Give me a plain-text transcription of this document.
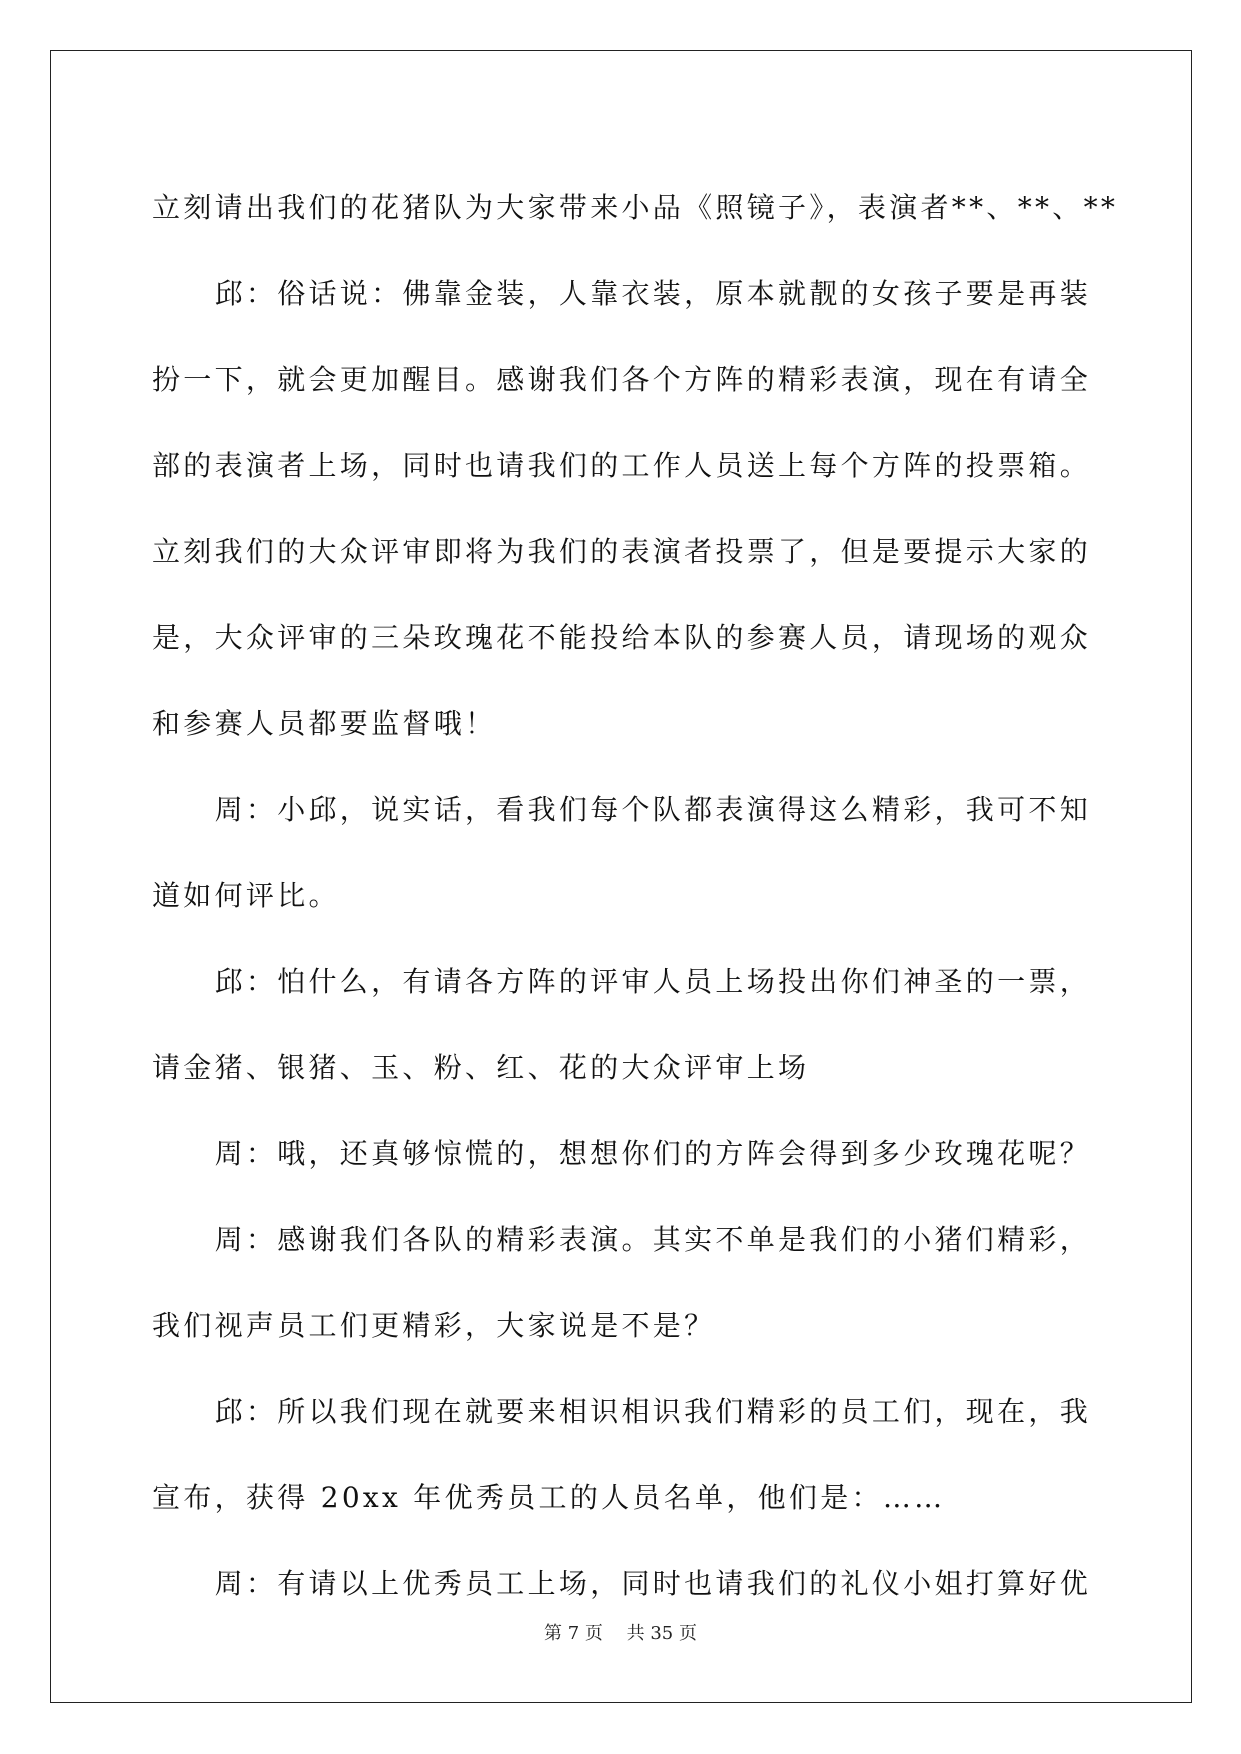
立刻请出我们的花猪队为大家带来小品《照镜子》，表演者**、**、**

　　邱：俗话说：佛靠金装，人靠衣装，原本就靓的女孩子要是再装

扮一下，就会更加醒目。感谢我们各个方阵的精彩表演，现在有请全

部的表演者上场，同时也请我们的工作人员送上每个方阵的投票箱。

立刻我们的大众评审即将为我们的表演者投票了，但是要提示大家的

是，大众评审的三朵玫瑰花不能投给本队的参赛人员，请现场的观众

和参赛人员都要监督哦！

　　周：小邱，说实话，看我们每个队都表演得这么精彩，我可不知

道如何评比。

　　邱：怕什么，有请各方阵的评审人员上场投出你们神圣的一票，

请金猪、银猪、玉、粉、红、花的大众评审上场

　　周：哦，还真够惊慌的，想想你们的方阵会得到多少玫瑰花呢？

　　周：感谢我们各队的精彩表演。其实不单是我们的小猪们精彩，

我们视声员工们更精彩，大家说是不是？

　　邱：所以我们现在就要来相识相识我们精彩的员工们，现在，我

宣布，获得 20xx 年优秀员工的人员名单，他们是：……

　　周：有请以上优秀员工上场，同时也请我们的礼仪小姐打算好优

第 7 页　 共 35 页
